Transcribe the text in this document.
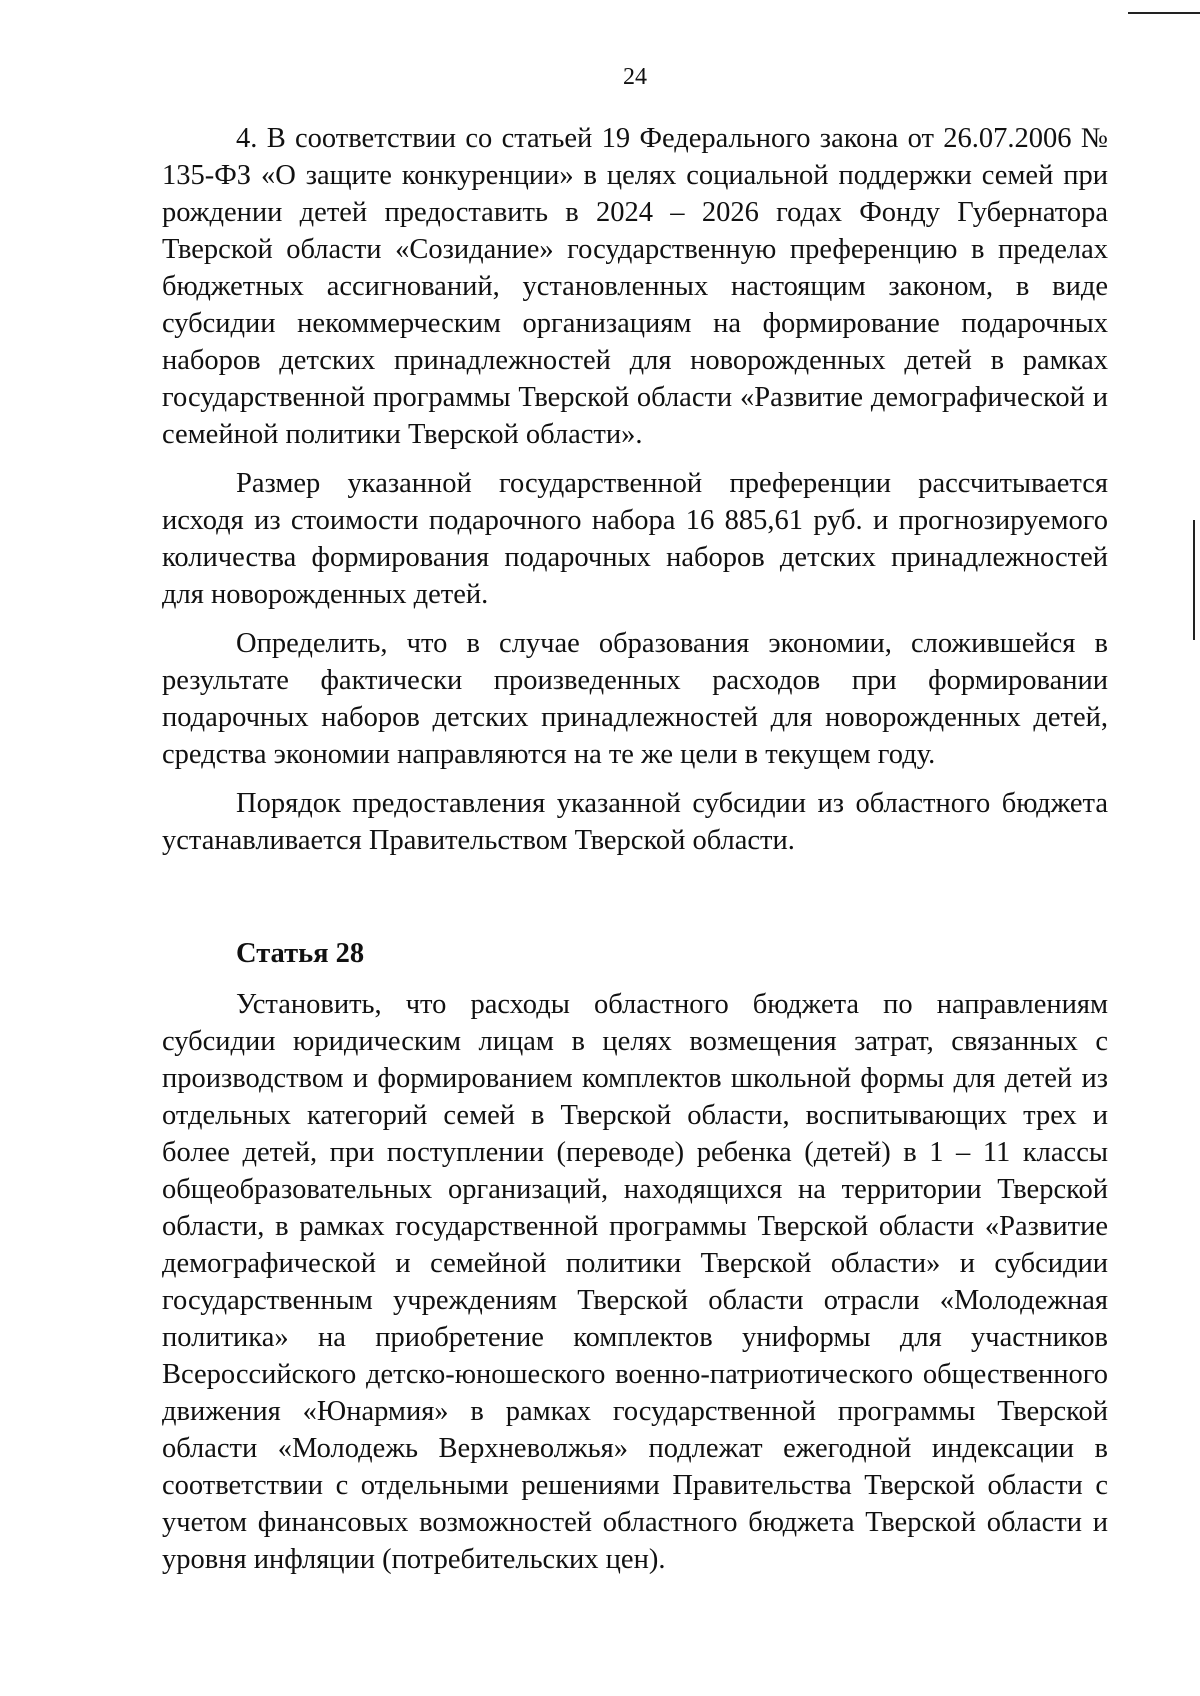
24

4. В соответствии со статьей 19 Федерального закона от 26.07.2006 № 135-ФЗ «О защите конкуренции» в целях социальной поддержки семей при рождении детей предоставить в 2024 – 2026 годах Фонду Губернатора Тверской области «Созидание» государственную преференцию в пределах бюджетных ассигнований, установленных настоящим законом, в виде субсидии некоммерческим организациям на формирование подарочных наборов детских принадлежностей для новорожденных детей в рамках государственной программы Тверской области «Развитие демографической и семейной политики Тверской области».

Размер указанной государственной преференции рассчитывается исходя из стоимости подарочного набора 16 885,61 руб. и прогнозируемого количества формирования подарочных наборов детских принадлежностей для новорожденных детей.

Определить, что в случае образования экономии, сложившейся в результате фактически произведенных расходов при формировании подарочных наборов детских принадлежностей для новорожденных детей, средства экономии направляются на те же цели в текущем году.

Порядок предоставления указанной субсидии из областного бюджета устанавливается Правительством Тверской области.

Статья 28

Установить, что расходы областного бюджета по направлениям субсидии юридическим лицам в целях возмещения затрат, связанных с производством и формированием комплектов школьной формы для детей из отдельных категорий семей в Тверской области, воспитывающих трех и более детей, при поступлении (переводе) ребенка (детей) в 1 – 11 классы общеобразовательных организаций, находящихся на территории Тверской области, в рамках государственной программы Тверской области «Развитие демографической и семейной политики Тверской области» и субсидии государственным учреждениям Тверской области отрасли «Молодежная политика» на приобретение комплектов униформы для участников Всероссийского детско-юношеского военно-патриотического общественного движения «Юнармия» в рамках государственной программы Тверской области «Молодежь Верхневолжья» подлежат ежегодной индексации в соответствии с отдельными решениями Правительства Тверской области с учетом финансовых возможностей областного бюджета Тверской области и уровня инфляции (потребительских цен).
